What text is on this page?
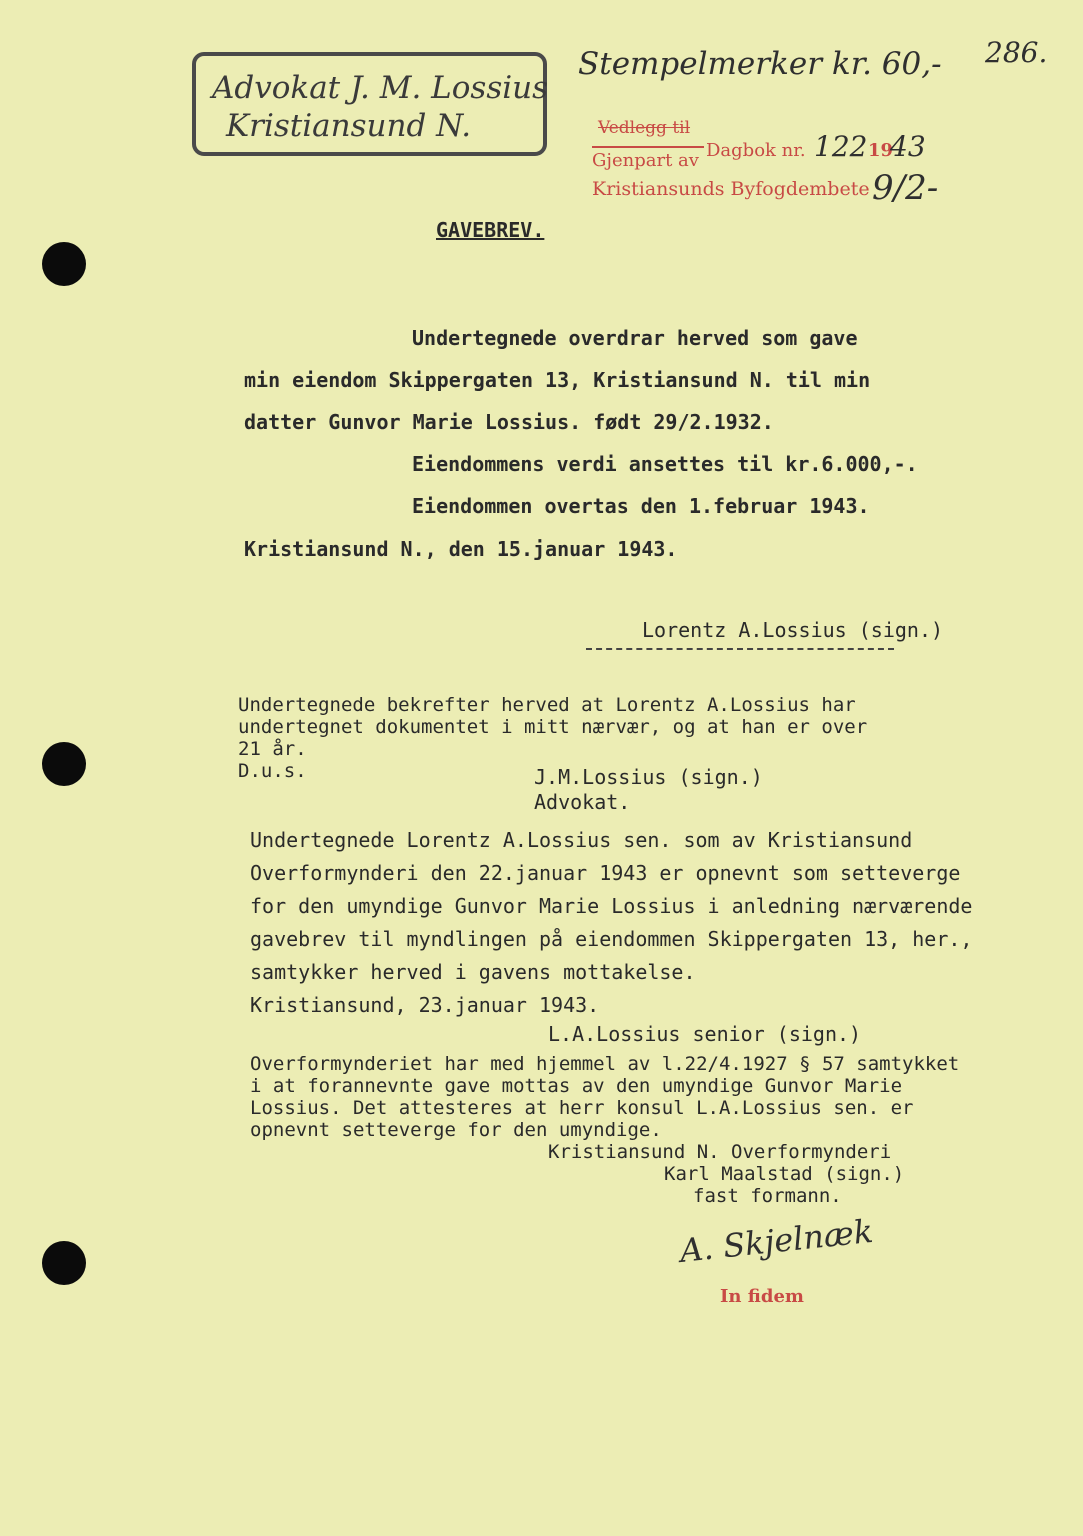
Advokat J. M. Lossius
Kristiansund N.
Stempelmerker kr. 60,- 286.
Vedlegg til
Dagbok nr. 122 19
43
Gjenpart av
Kristiansunds Byfogdembete 9/2-
GAVEBREV.
Undertegnede overdrar herved som gave
min eiendom Skippergaten 13, Kristiansund N. til min
datter Gunvor Marie Lossius. født 29/2.1932.
Eiendommens verdi ansettes til kr.6.000,-.
Eiendommen overtas den 1.februar 1943.
Kristiansund N., den 15.januar 1943.
Lorentz A.Lossius (sign.)
Undertegnede bekrefter herved at Lorentz A.Lossius har
undertegnet dokumentet i mitt nærvær, og at han er over
21 år.
D.u.s.	J.M.Lossius (sign.)
Advokat.
Undertegnede Lorentz A.Lossius sen. som av Kristiansund
Overformynderi den 22.januar 1943 er opnevnt som setteverge
for den umyndige Gunvor Marie Lossius i anledning nærværende
gavebrev til myndlingen på eiendommen Skippergaten 13, her.,
samtykker herved i gavens mottakelse.
Kristiansund, 23.januar 1943.
L.A.Lossius senior (sign.)
Overformynderiet har med hjemmel av l.22/4.1927 § 57 samtykket
i at forannevnte gave mottas av den umyndige Gunvor Marie
Lossius. Det attesteres at herr konsul L.A.Lossius sen. er
opnevnt setteverge for den umyndige.
Kristiansund N. Overformynderi
Karl Maalstad (sign.)
fast formann.
A. Skjelnæk
In fidem
